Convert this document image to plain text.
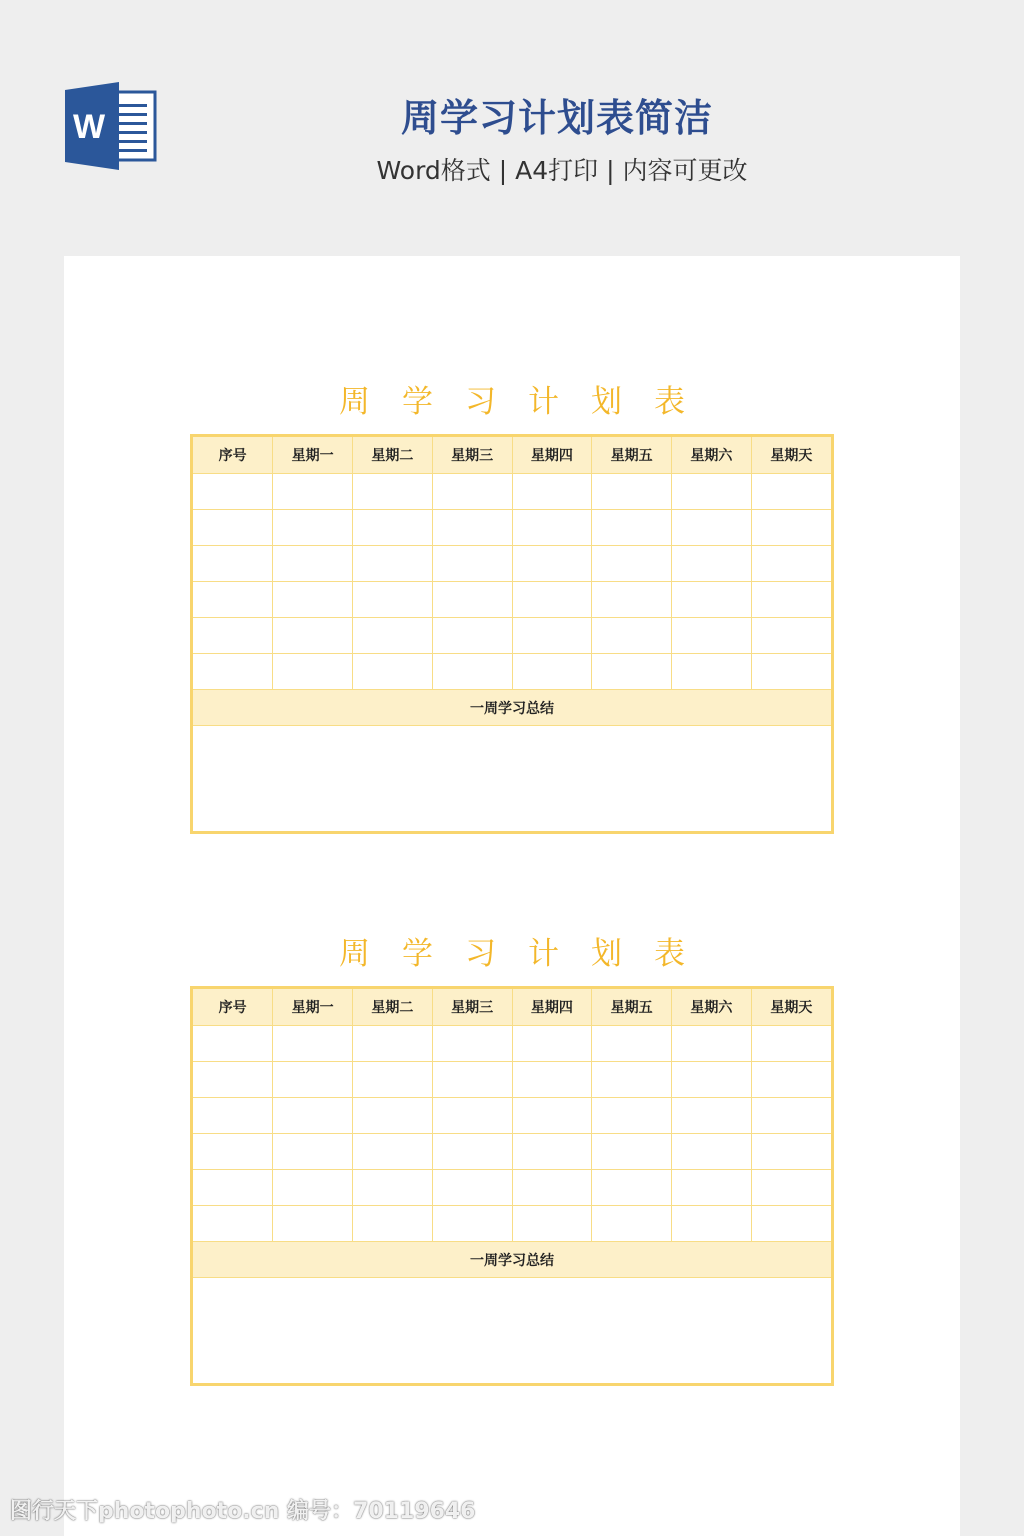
W	周学习计划表简洁
Word格式 | A4打印 | 内容可更改
周学习计划表
序号	星期一	星期二	星期三	星期四	星期五	星期六	星期天

一周学习总结							

周学习计划表
序号	星期一	星期二	星期三	星期四	星期五	星期六	星期天

一周学习总结							

图行天下photophoto.cn 编号：70119646
